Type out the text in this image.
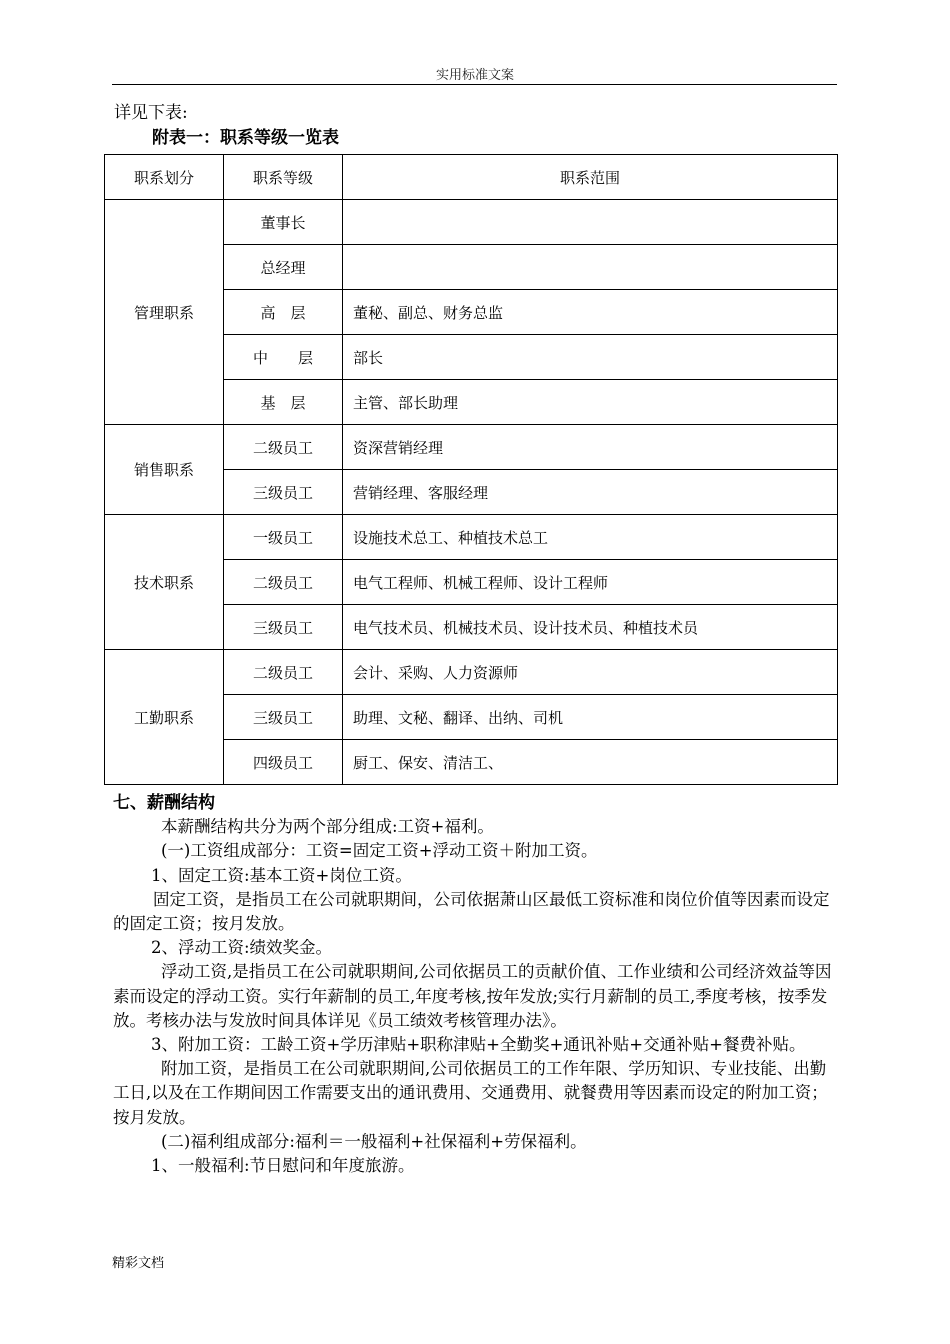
实用标准文案
详见下表:
附表一：职系等级一览表
职系划分	职系等级	职系范围
管理职系	董事长	
	总经理	
	高　层	董秘、副总、财务总监
	中　　层	部长
	基　层	主管、部长助理
销售职系	二级员工	资深营销经理
	三级员工	营销经理、客服经理
技术职系	一级员工	设施技术总工、种植技术总工
	二级员工	电气工程师、机械工程师、设计工程师
	三级员工	电气技术员、机械技术员、设计技术员、种植技术员
工勤职系	二级员工	会计、采购、人力资源师
	三级员工	助理、文秘、翻译、出纳、司机
	四级员工	厨工、保安、清洁工、

七、薪酬结构

本薪酬结构共分为两个部分组成:工资+福利。

(一)工资组成部分：工资=固定工资+浮动工资＋附加工资。

1、固定工资:基本工资+岗位工资。

固定工资，是指员工在公司就职期间，公司依据萧山区最低工资标准和岗位价值等因素而设定的固定工资；按月发放。

2、浮动工资:绩效奖金。

浮动工资,是指员工在公司就职期间,公司依据员工的贡献价值、工作业绩和公司经济效益等因素而设定的浮动工资。实行年薪制的员工,年度考核,按年发放;实行月薪制的员工,季度考核，按季发放。考核办法与发放时间具体详见《员工绩效考核管理办法》。

3、附加工资：工龄工资+学历津贴+职称津贴+全勤奖+通讯补贴+交通补贴+餐费补贴。

附加工资，是指员工在公司就职期间,公司依据员工的工作年限、学历知识、专业技能、出勤工日,以及在工作期间因工作需要支出的通讯费用、交通费用、就餐费用等因素而设定的附加工资；按月发放。

(二)福利组成部分:福利＝一般福利+社保福利+劳保福利。

1、一般福利:节日慰问和年度旅游。

精彩文档
